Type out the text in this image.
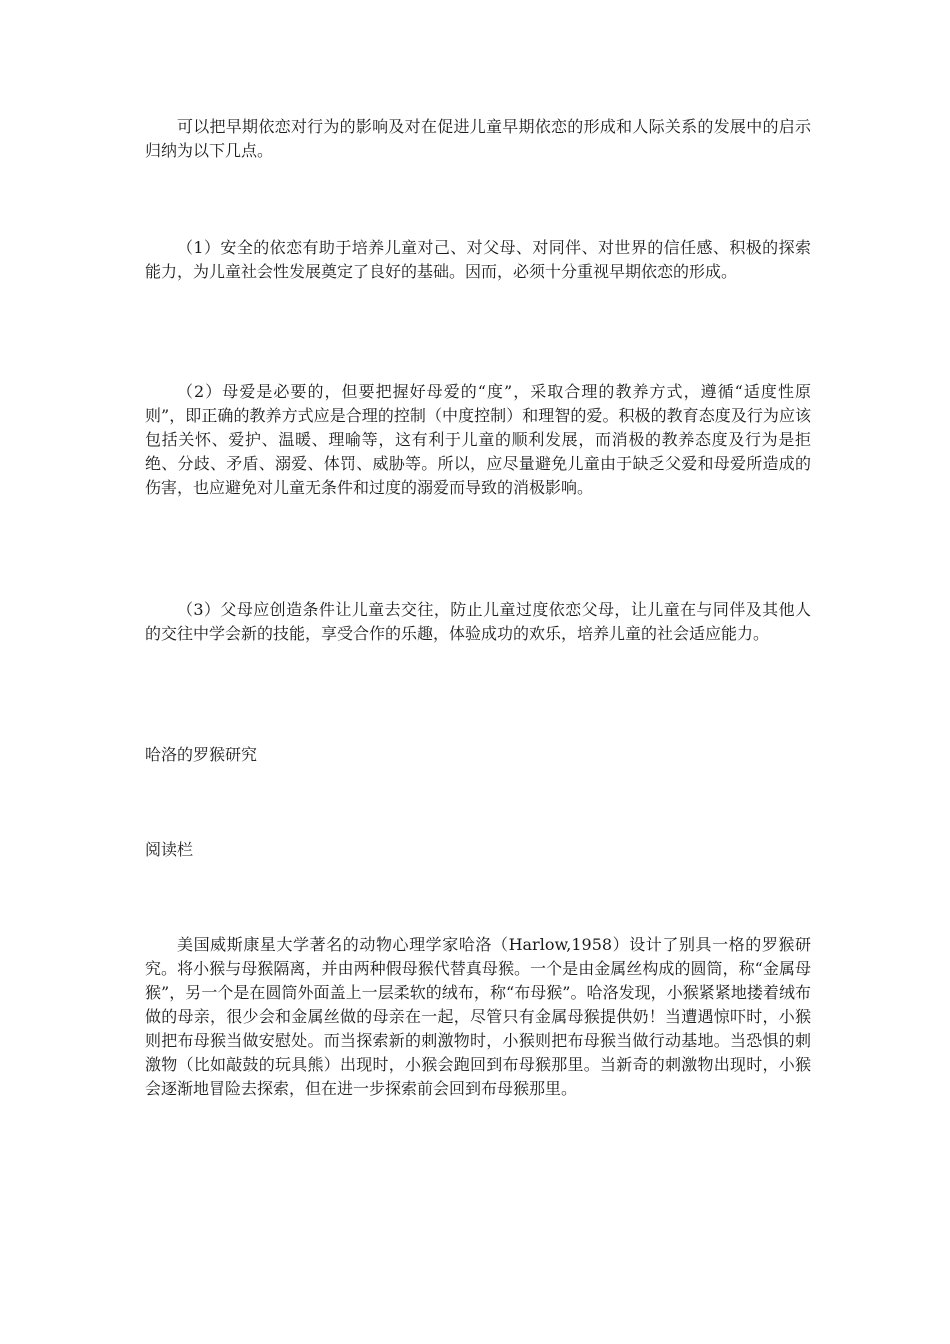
可以把早期依恋对行为的影响及对在促进儿童早期依恋的形成和人际关系的发展中的启示归纳为以下几点。

（1）安全的依恋有助于培养儿童对己、对父母、对同伴、对世界的信任感、积极的探索能力，为儿童社会性发展奠定了良好的基础。因而，必须十分重视早期依恋的形成。

（2）母爱是必要的，但要把握好母爱的“度”，采取合理的教养方式，遵循“适度性原则”，即正确的教养方式应是合理的控制（中度控制）和理智的爱。积极的教育态度及行为应该包括关怀、爱护、温暖、理喻等，这有利于儿童的顺利发展，而消极的教养态度及行为是拒绝、分歧、矛盾、溺爱、体罚、威胁等。所以，应尽量避免儿童由于缺乏父爱和母爱所造成的伤害，也应避免对儿童无条件和过度的溺爱而导致的消极影响。

（3）父母应创造条件让儿童去交往，防止儿童过度依恋父母，让儿童在与同伴及其他人的交往中学会新的技能，享受合作的乐趣，体验成功的欢乐，培养儿童的社会适应能力。

哈洛的罗猴研究
阅读栏

美国威斯康星大学著名的动物心理学家哈洛（Harlow,1958）设计了别具一格的罗猴研究。将小猴与母猴隔离，并由两种假母猴代替真母猴。一个是由金属丝构成的圆筒，称“金属母猴”，另一个是在圆筒外面盖上一层柔软的绒布，称“布母猴”。哈洛发现，小猴紧紧地搂着绒布做的母亲，很少会和金属丝做的母亲在一起，尽管只有金属母猴提供奶！当遭遇惊吓时，小猴则把布母猴当做安慰处。而当探索新的刺激物时，小猴则把布母猴当做行动基地。当恐惧的刺激物（比如敲鼓的玩具熊）出现时，小猴会跑回到布母猴那里。当新奇的刺激物出现时，小猴会逐渐地冒险去探索，但在进一步探索前会回到布母猴那里。
